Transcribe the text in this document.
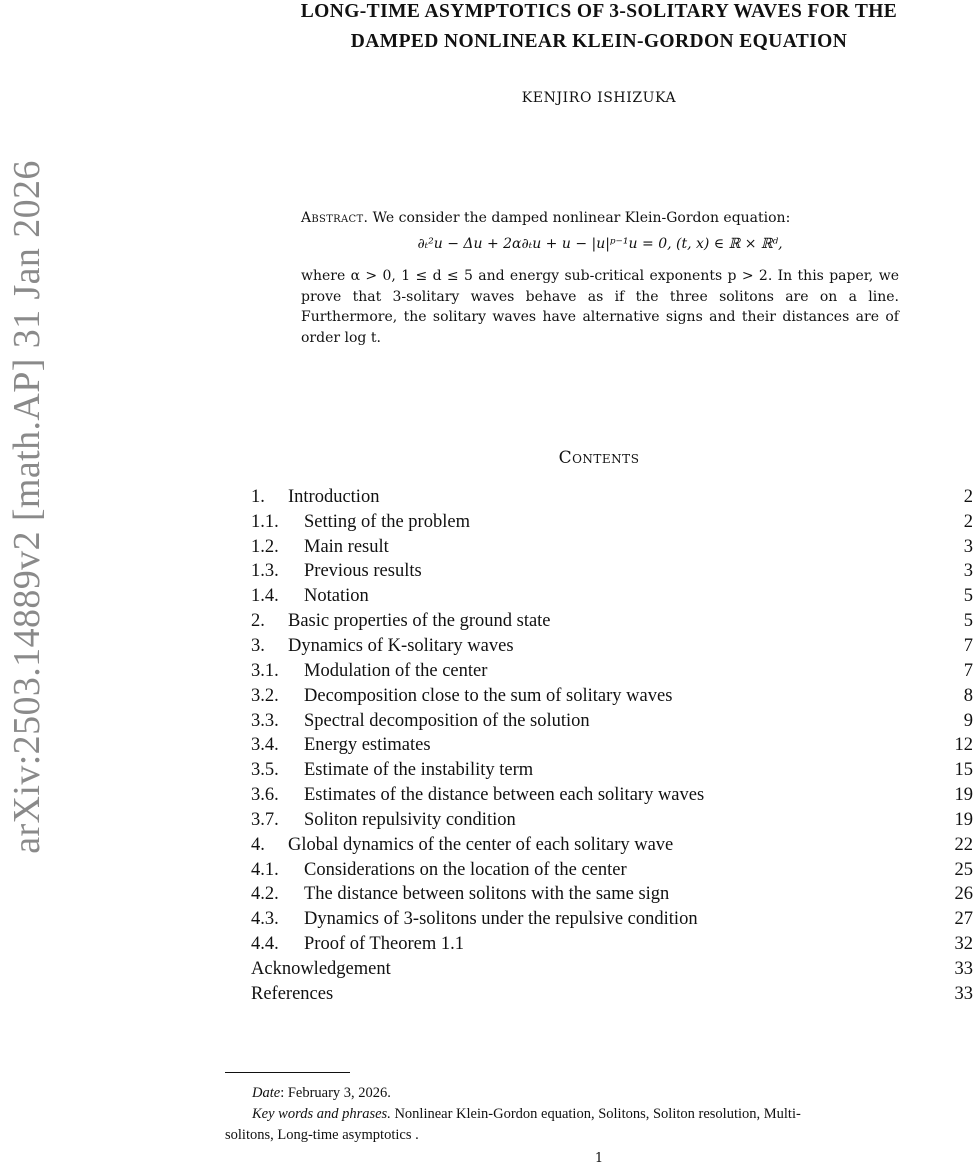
arXiv:2503.14889v2 [math.AP] 31 Jan 2026
LONG-TIME ASYMPTOTICS OF 3-SOLITARY WAVES FOR THE
DAMPED NONLINEAR KLEIN-GORDON EQUATION
KENJIRO ISHIZUKA
Abstract. We consider the damped nonlinear Klein-Gordon equation:
∂ₜ²u − Δu + 2α∂ₜu + u − |u|ᵖ⁻¹u = 0, (t, x) ∈ ℝ × ℝᵈ,
where α > 0, 1 ≤ d ≤ 5 and energy sub-critical exponents p > 2. In this paper, we prove that 3-solitary waves behave as if the three solitons are on a line. Furthermore, the solitary waves have alternative signs and their distances are of order log t.
Contents
1.	Introduction	2
1.1.	Setting of the problem	2
1.2.	Main result	3
1.3.	Previous results	3
1.4.	Notation	5
2.	Basic properties of the ground state	5
3.	Dynamics of K-solitary waves	7
3.1.	Modulation of the center	7
3.2.	Decomposition close to the sum of solitary waves	8
3.3.	Spectral decomposition of the solution	9
3.4.	Energy estimates	12
3.5.	Estimate of the instability term	15
3.6.	Estimates of the distance between each solitary waves	19
3.7.	Soliton repulsivity condition	19
4.	Global dynamics of the center of each solitary wave	22
4.1.	Considerations on the location of the center	25
4.2.	The distance between solitons with the same sign	26
4.3.	Dynamics of 3-solitons under the repulsive condition	27
4.4.	Proof of Theorem 1.1	32
Acknowledgement	33
References	33
Date: February 3, 2026.
Key words and phrases. Nonlinear Klein-Gordon equation, Solitons, Soliton resolution, Multi-
solitons, Long-time asymptotics .
1
